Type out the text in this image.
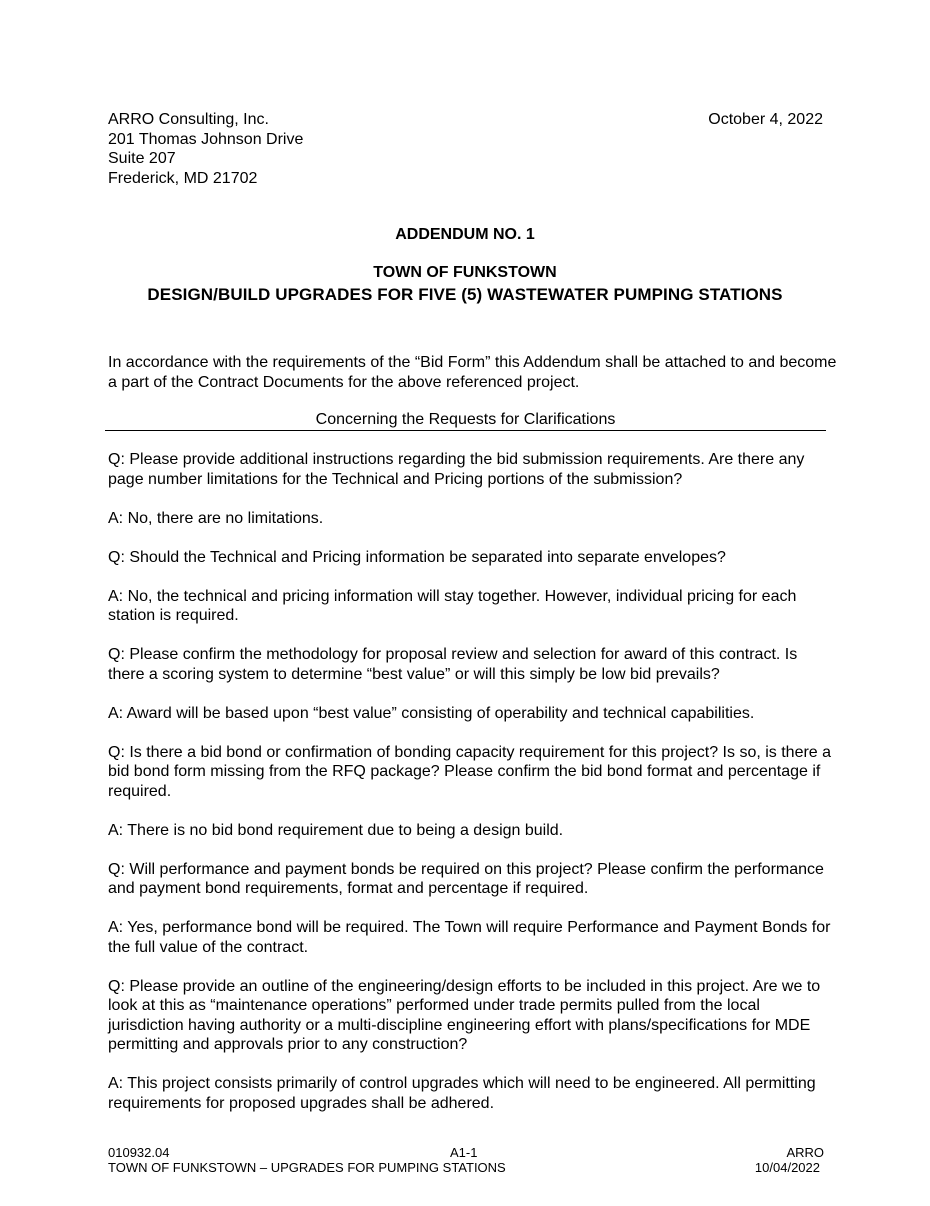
ARRO Consulting, Inc.
201 Thomas Johnson Drive
Suite 207
Frederick, MD 21702
October 4, 2022
ADDENDUM NO. 1
TOWN OF FUNKSTOWN
DESIGN/BUILD UPGRADES FOR FIVE (5) WASTEWATER PUMPING STATIONS
In accordance with the requirements of the “Bid Form” this Addendum shall be attached to and become a part of the Contract Documents for the above referenced project.
Concerning the Requests for Clarifications

Q: Please provide additional instructions regarding the bid submission requirements. Are there any page number limitations for the Technical and Pricing portions of the submission?

A: No, there are no limitations.

Q: Should the Technical and Pricing information be separated into separate envelopes?

A: No, the technical and pricing information will stay together. However, individual pricing for each station is required.

Q: Please confirm the methodology for proposal review and selection for award of this contract. Is there a scoring system to determine “best value” or will this simply be low bid prevails?

A: Award will be based upon “best value” consisting of operability and technical capabilities.

Q: Is there a bid bond or confirmation of bonding capacity requirement for this project? Is so, is there a bid bond form missing from the RFQ package? Please confirm the bid bond format and percentage if required.

A: There is no bid bond requirement due to being a design build.

Q: Will performance and payment bonds be required on this project? Please confirm the performance and payment bond requirements, format and percentage if required.

A: Yes, performance bond will be required. The Town will require Performance and Payment Bonds for the full value of the contract.

Q: Please provide an outline of the engineering/design efforts to be included in this project. Are we to look at this as “maintenance operations” performed under trade permits pulled from the local jurisdiction having authority or a multi-discipline engineering effort with plans/specifications for MDE permitting and approvals prior to any construction?

A: This project consists primarily of control upgrades which will need to be engineered. All permitting requirements for proposed upgrades shall be adhered.

010932.04	A1-1	ARRO
TOWN OF FUNKSTOWN – UPGRADES FOR PUMPING STATIONS	10/04/2022
